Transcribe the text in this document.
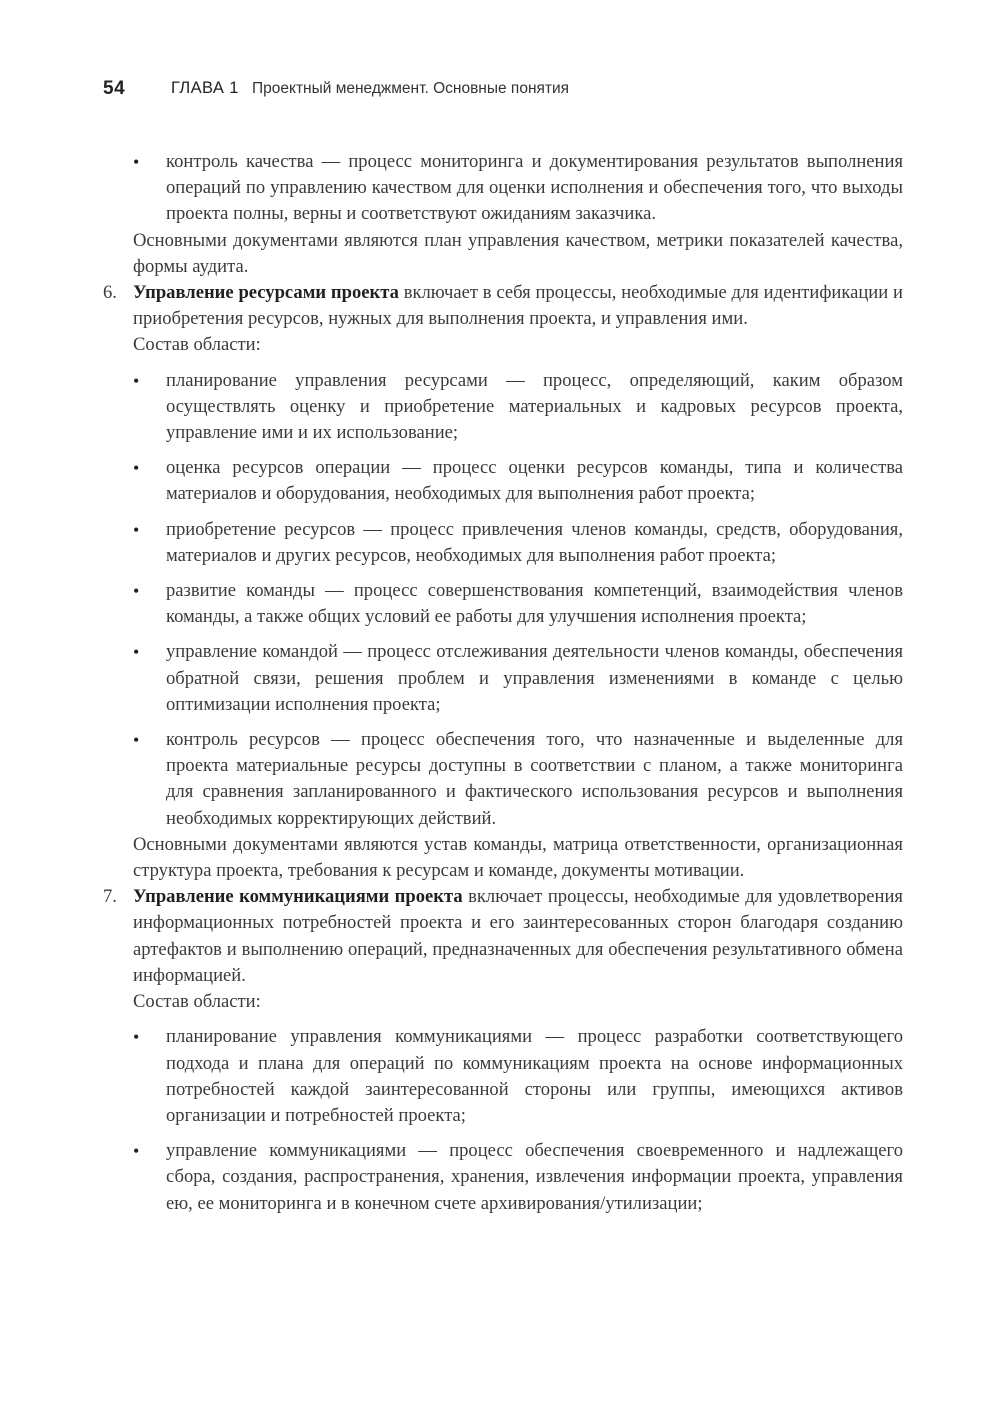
54	ГЛАВА 1 Проектный менеджмент. Основные понятия
•	контроль качества — процесс мониторинга и документирования результатов выполнения операций по управлению качеством для оценки исполнения и обеспечения того, что выходы проекта полны, верны и соответствуют ожиданиям заказчика.

Основными документами являются план управления качеством, метрики показателей качества, формы аудита.

6. Управление ресурсами проекта включает в себя процессы, необходимые для идентификации и приобретения ресурсов, нужных для выполнения проекта, и управления ими.

Состав области:

•	планирование управления ресурсами — процесс, определяющий, каким образом осуществлять оценку и приобретение материальных и кадровых ресурсов проекта, управление ими и их использование;
•	оценка ресурсов операции — процесс оценки ресурсов команды, типа и количества материалов и оборудования, необходимых для выполнения работ проекта;
•	приобретение ресурсов — процесс привлечения членов команды, средств, оборудования, материалов и других ресурсов, необходимых для выполнения работ проекта;
•	развитие команды — процесс совершенствования компетенций, взаимодействия членов команды, а также общих условий ее работы для улучшения исполнения проекта;
•	управление командой — процесс отслеживания деятельности членов команды, обеспечения обратной связи, решения проблем и управления изменениями в команде с целью оптимизации исполнения проекта;
•	контроль ресурсов — процесс обеспечения того, что назначенные и выделенные для проекта материальные ресурсы доступны в соответствии с планом, а также мониторинга для сравнения запланированного и фактического использования ресурсов и выполнения необходимых корректирующих действий.

Основными документами являются устав команды, матрица ответственности, организационная структура проекта, требования к ресурсам и команде, документы мотивации.

7. Управление коммуникациями проекта включает процессы, необходимые для удовлетворения информационных потребностей проекта и его заинтересованных сторон благодаря созданию артефактов и выполнению операций, предназначенных для обеспечения результативного обмена информацией.

Состав области:

•	планирование управления коммуникациями — процесс разработки соответствующего подхода и плана для операций по коммуникациям проекта на основе информационных потребностей каждой заинтересованной стороны или группы, имеющихся активов организации и потребностей проекта;
•	управление коммуникациями — процесс обеспечения своевременного и надлежащего сбора, создания, распространения, хранения, извлечения информации проекта, управления ею, ее мониторинга и в конечном счете архивирования/утилизации;
